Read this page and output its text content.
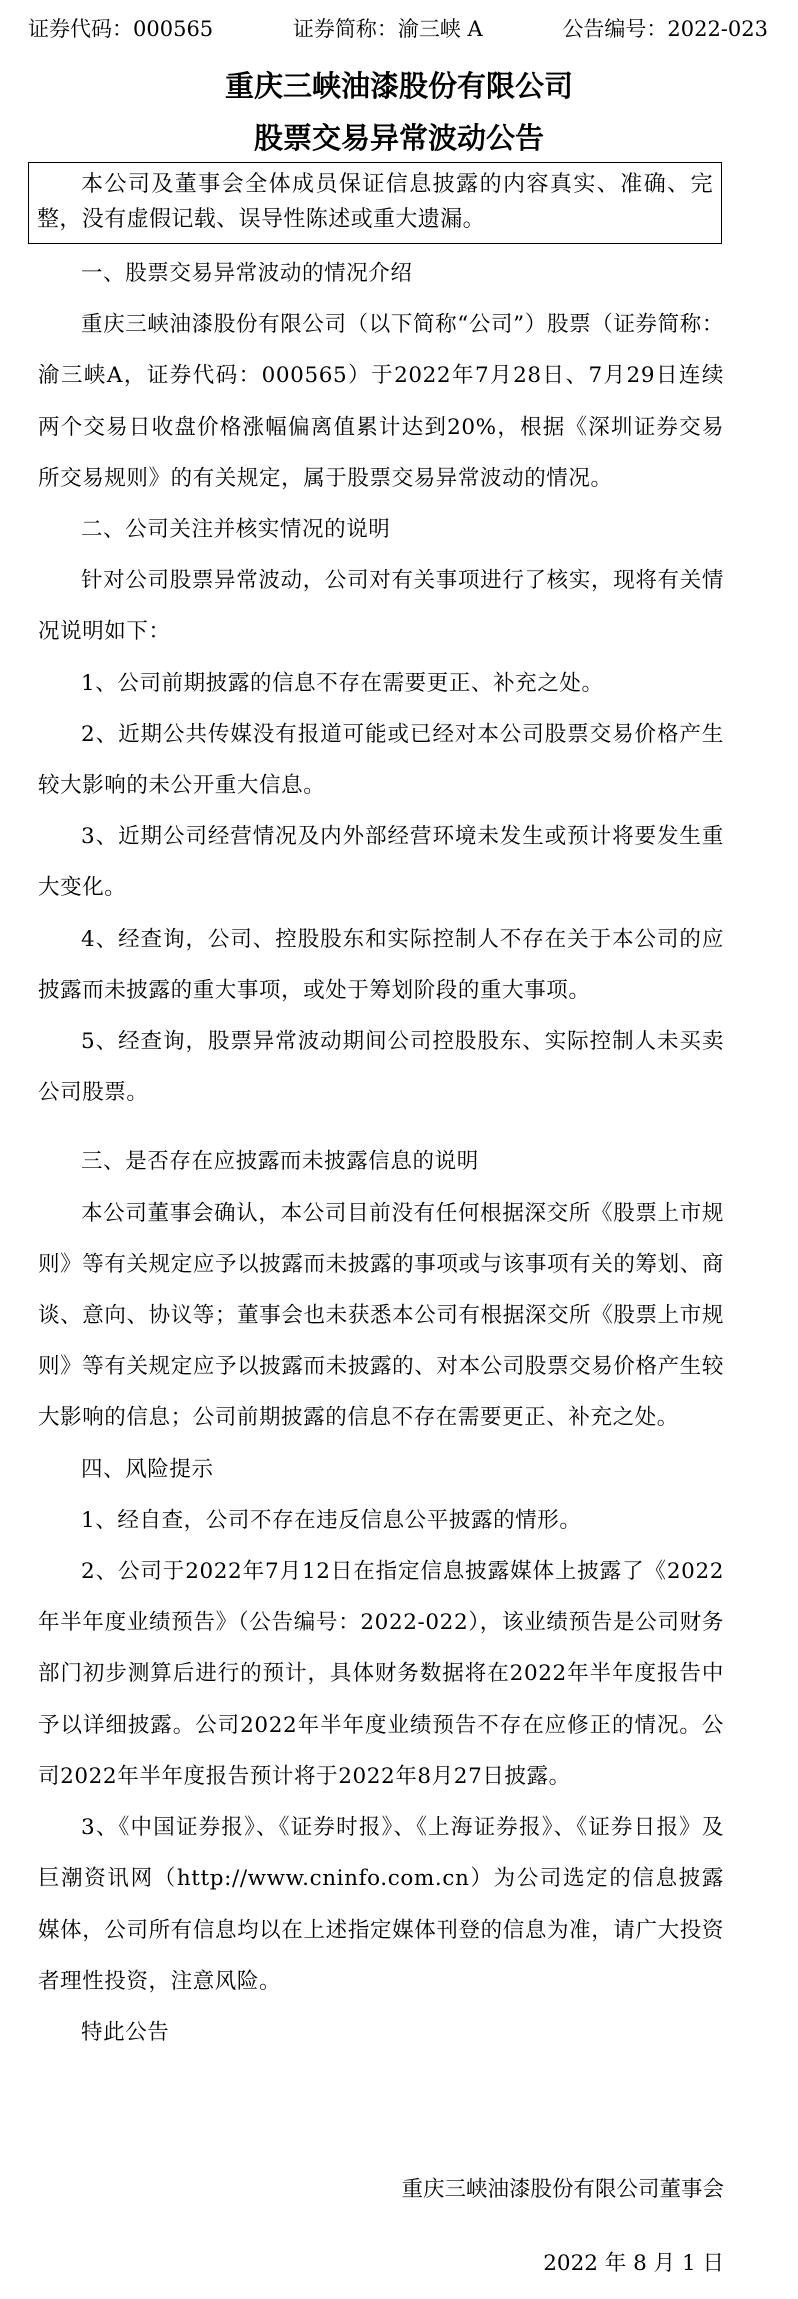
证券代码：000565	证券简称：渝三峡 A	公告编号：2022-023
重庆三峡油漆股份有限公司
股票交易异常波动公告
本公司及董事会全体成员保证信息披露的内容真实、准确、完整，没有虚假记载、误导性陈述或重大遗漏。

一、股票交易异常波动的情况介绍

重庆三峡油漆股份有限公司（以下简称“公司”）股票（证券简称：渝三峡A，证券代码：000565）于2022年7月28日、7月29日连续两个交易日收盘价格涨幅偏离值累计达到20%，根据《深圳证券交易所交易规则》的有关规定，属于股票交易异常波动的情况。

二、公司关注并核实情况的说明

针对公司股票异常波动，公司对有关事项进行了核实，现将有关情况说明如下：

1、公司前期披露的信息不存在需要更正、补充之处。

2、近期公共传媒没有报道可能或已经对本公司股票交易价格产生较大影响的未公开重大信息。

3、近期公司经营情况及内外部经营环境未发生或预计将要发生重大变化。

4、经查询，公司、控股股东和实际控制人不存在关于本公司的应披露而未披露的重大事项，或处于筹划阶段的重大事项。

5、经查询，股票异常波动期间公司控股股东、实际控制人未买卖公司股票。

三、是否存在应披露而未披露信息的说明

本公司董事会确认，本公司目前没有任何根据深交所《股票上市规则》等有关规定应予以披露而未披露的事项或与该事项有关的筹划、商谈、意向、协议等；董事会也未获悉本公司有根据深交所《股票上市规则》等有关规定应予以披露而未披露的、对本公司股票交易价格产生较大影响的信息；公司前期披露的信息不存在需要更正、补充之处。

四、风险提示

1、经自查，公司不存在违反信息公平披露的情形。

2、公司于2022年7月12日在指定信息披露媒体上披露了《2022年半年度业绩预告》（公告编号：2022-022），该业绩预告是公司财务部门初步测算后进行的预计，具体财务数据将在2022年半年度报告中予以详细披露。公司2022年半年度业绩预告不存在应修正的情况。公司2022年半年度报告预计将于2022年8月27日披露。

3、《中国证券报》、《证券时报》、《上海证券报》、《证券日报》及巨潮资讯网（http://www.cninfo.com.cn）为公司选定的信息披露媒体，公司所有信息均以在上述指定媒体刊登的信息为准，请广大投资者理性投资，注意风险。

特此公告

重庆三峡油漆股份有限公司董事会
2022 年 8 月 1 日
